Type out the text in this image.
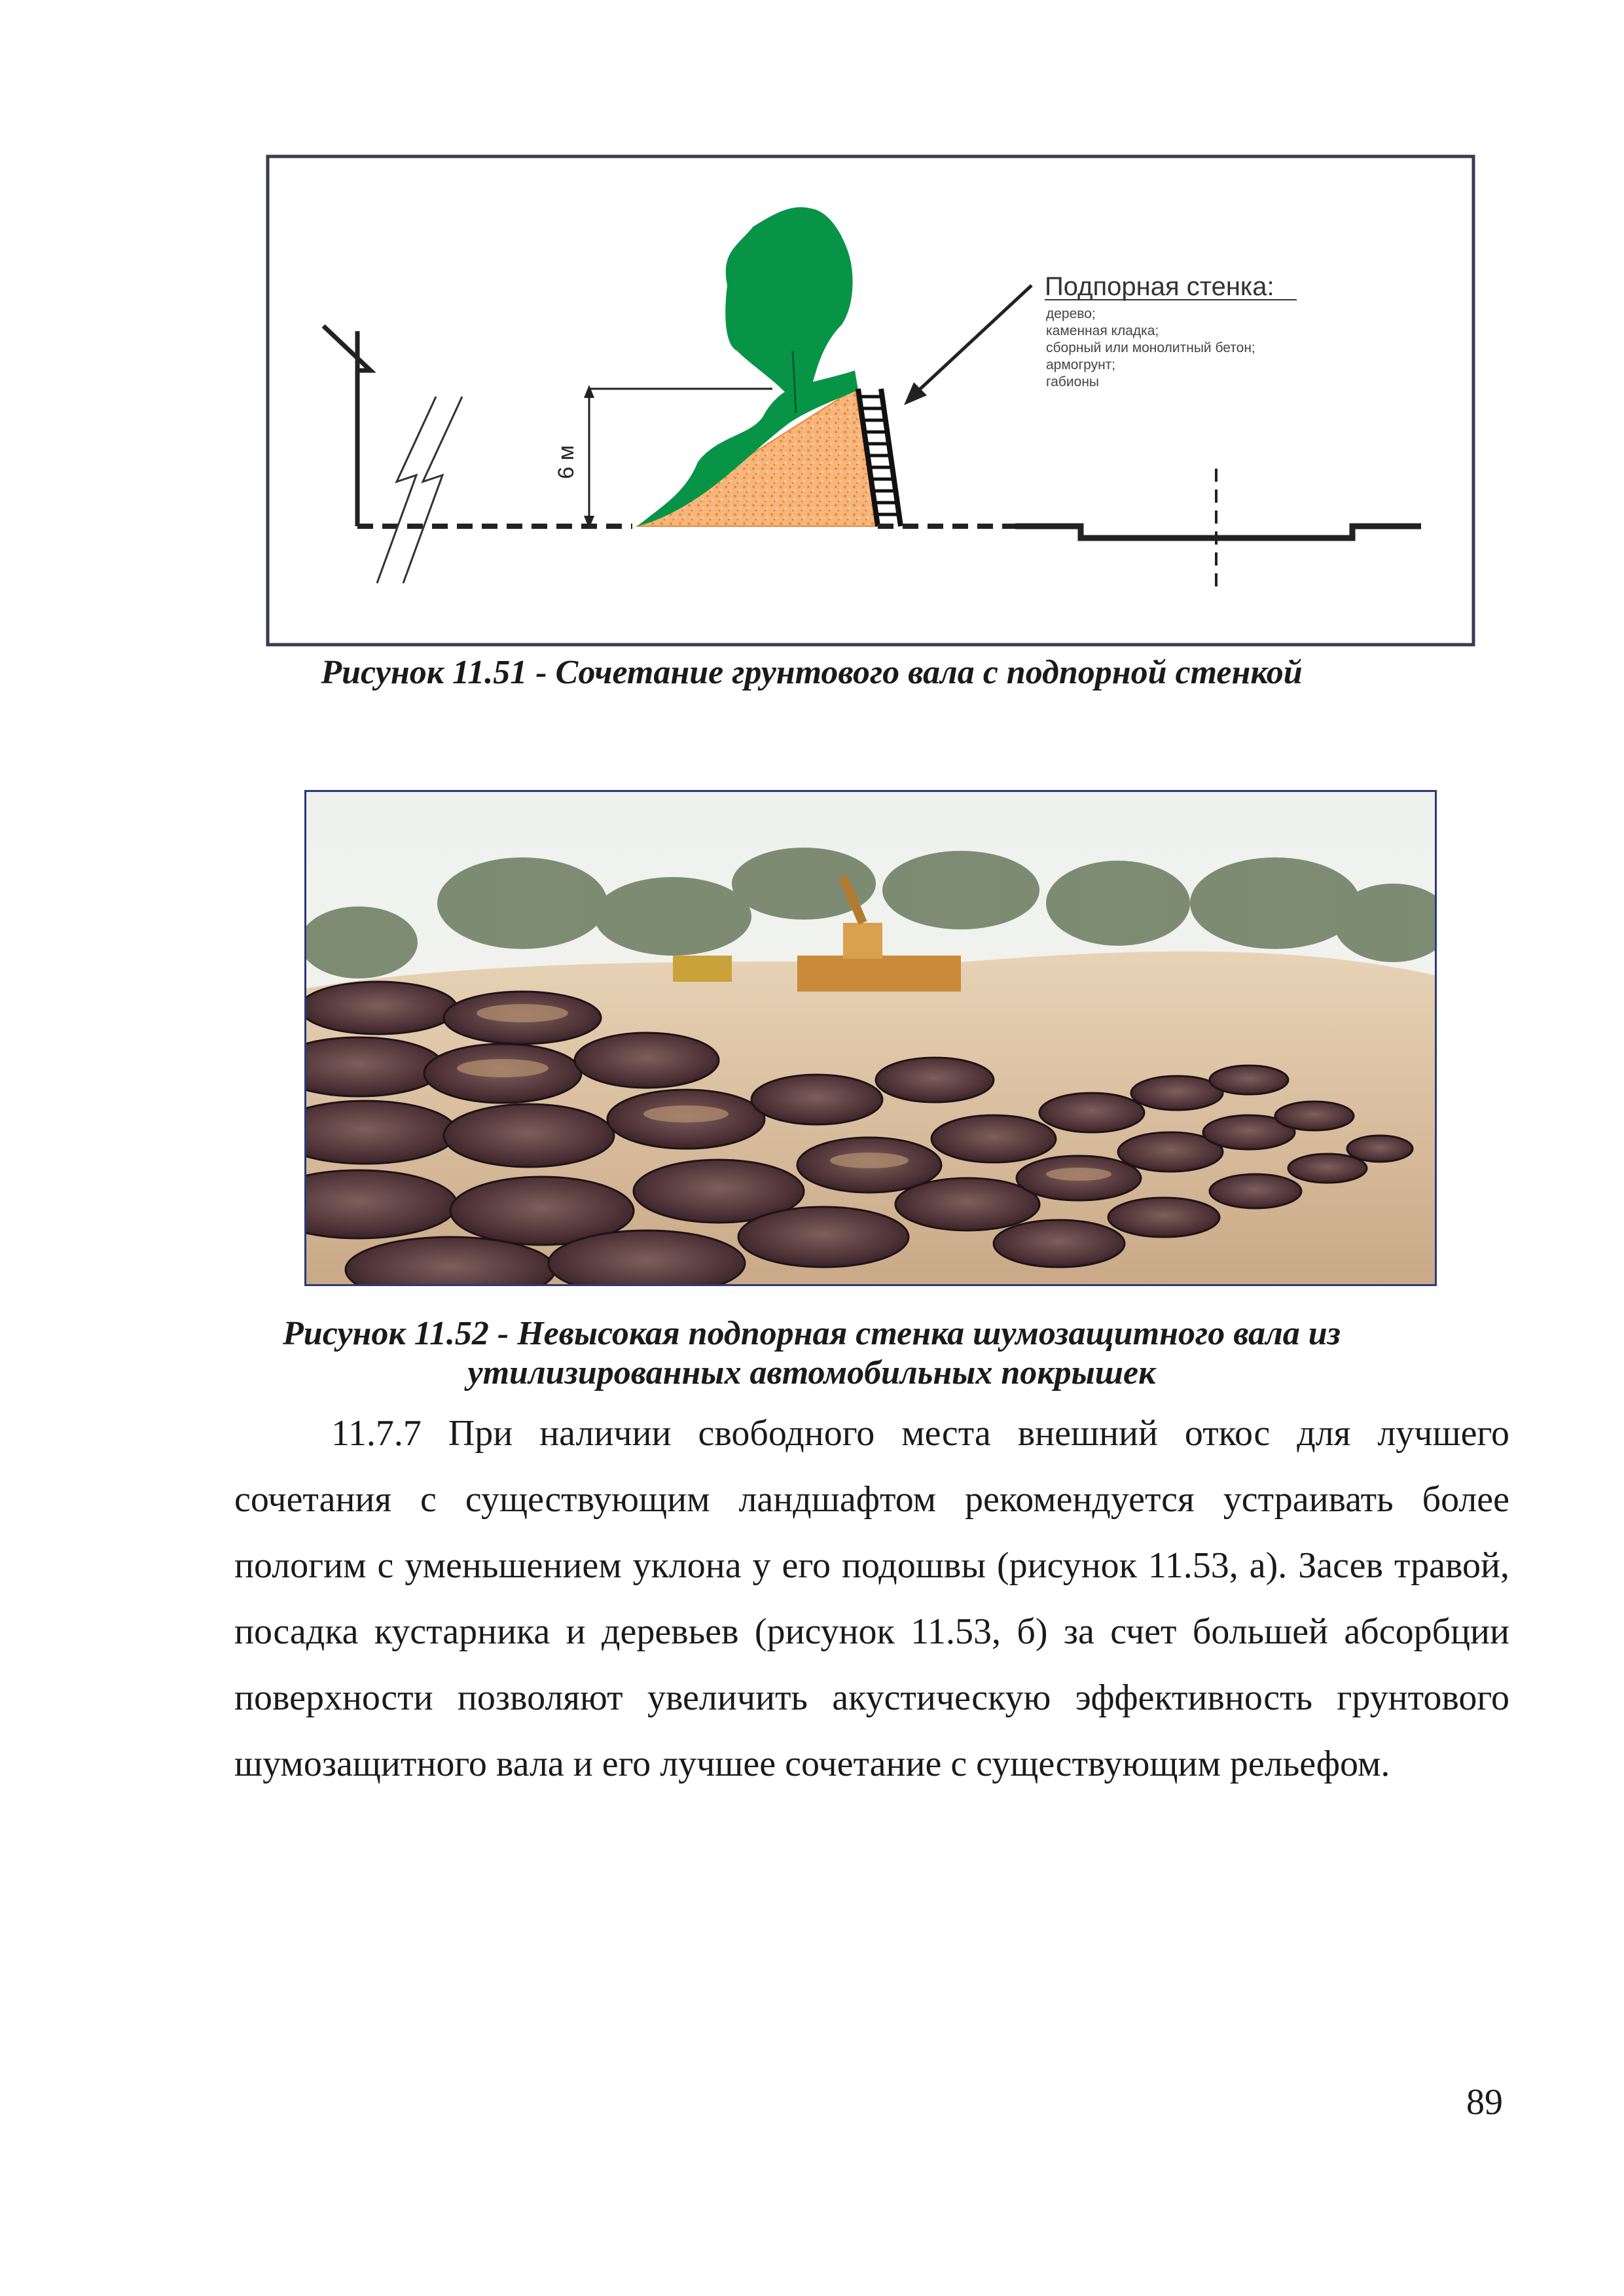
6 м
Подпорная стенка:
дерево;
каменная кладка;
сборный или монолитный бетон;
армогрунт;
габионы
Рисунок 11.51 - Сочетание грунтового вала с подпорной стенкой
Рисунок 11.52 - Невысокая подпорная стенка шумозащитного вала из
утилизированных автомобильных покрышек

11.7.7 При наличии свободного места внешний откос для лучшего сочетания с существующим ландшафтом рекомендуется устраивать более пологим с уменьшением уклона у его подошвы (рисунок 11.53, а). Засев травой, посадка кустарника и деревьев (рисунок 11.53, б) за счет большей абсорбции поверхности позволяют увеличить акустическую эффективность грунтового шумозащитного вала и его лучшее сочетание с существующим рельефом.

89
